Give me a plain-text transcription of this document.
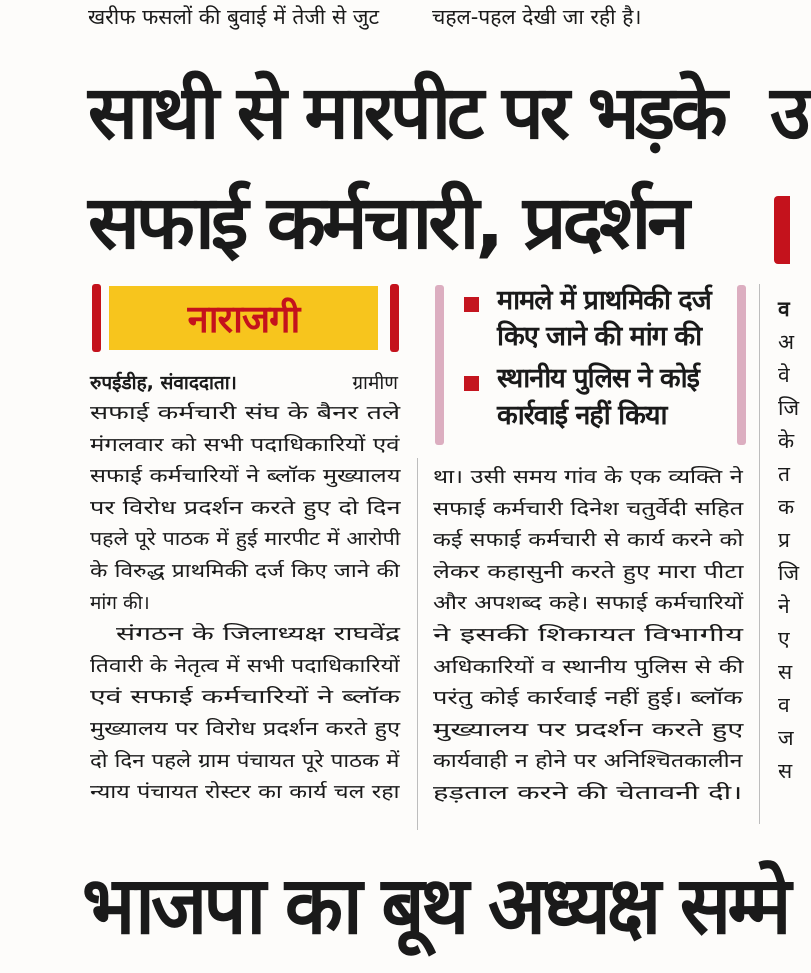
खरीफ फसलों की बुवाई में तेजी से जुट	चहल-पहल देखी जा रही है।
साथी से मारपीट पर भड़के
सफाई कर्मचारी, प्रदर्शन
उ
नाराजगी	मामले में प्राथमिकी दर्ज
किए जाने की मांग की
स्थानीय पुलिस ने कोई
कार्रवाई नहीं किया
रुपईडीह, संवाददाता।	ग्रामीण
सफाई कर्मचारी संघ के बैनर तले
मंगलवार को सभी पदाधिकारियों एवं
सफाई कर्मचारियों ने ब्लॉक मुख्यालय
पर विरोध प्रदर्शन करते हुए दो दिन
पहले पूरे पाठक में हुई मारपीट में आरोपी
के विरुद्ध प्राथमिकी दर्ज किए जाने की
मांग की।
संगठन के जिलाध्यक्ष राघवेंद्र
तिवारी के नेतृत्व में सभी पदाधिकारियों
एवं सफाई कर्मचारियों ने ब्लॉक
मुख्यालय पर विरोध प्रदर्शन करते हुए
दो दिन पहले ग्राम पंचायत पूरे पाठक में
न्याय पंचायत रोस्टर का कार्य चल रहा
था। उसी समय गांव के एक व्यक्ति ने
सफाई कर्मचारी दिनेश चतुर्वेदी सहित
कई सफाई कर्मचारी से कार्य करने को
लेकर कहासुनी करते हुए मारा पीटा
और अपशब्द कहे। सफाई कर्मचारियों
ने इसकी शिकायत विभागीय
अधिकारियों व स्थानीय पुलिस से की
परंतु कोई कार्रवाई नहीं हुई। ब्लॉक
मुख्यालय पर प्रदर्शन करते हुए
कार्यवाही न होने पर अनिश्चितकालीन
हड़ताल करने की चेतावनी दी।
व
अ
वे
जि
के
त
क
प्र
जि
ने
ए
स
व
ज
स
भाजपा का बूथ अध्यक्ष सम्मे
